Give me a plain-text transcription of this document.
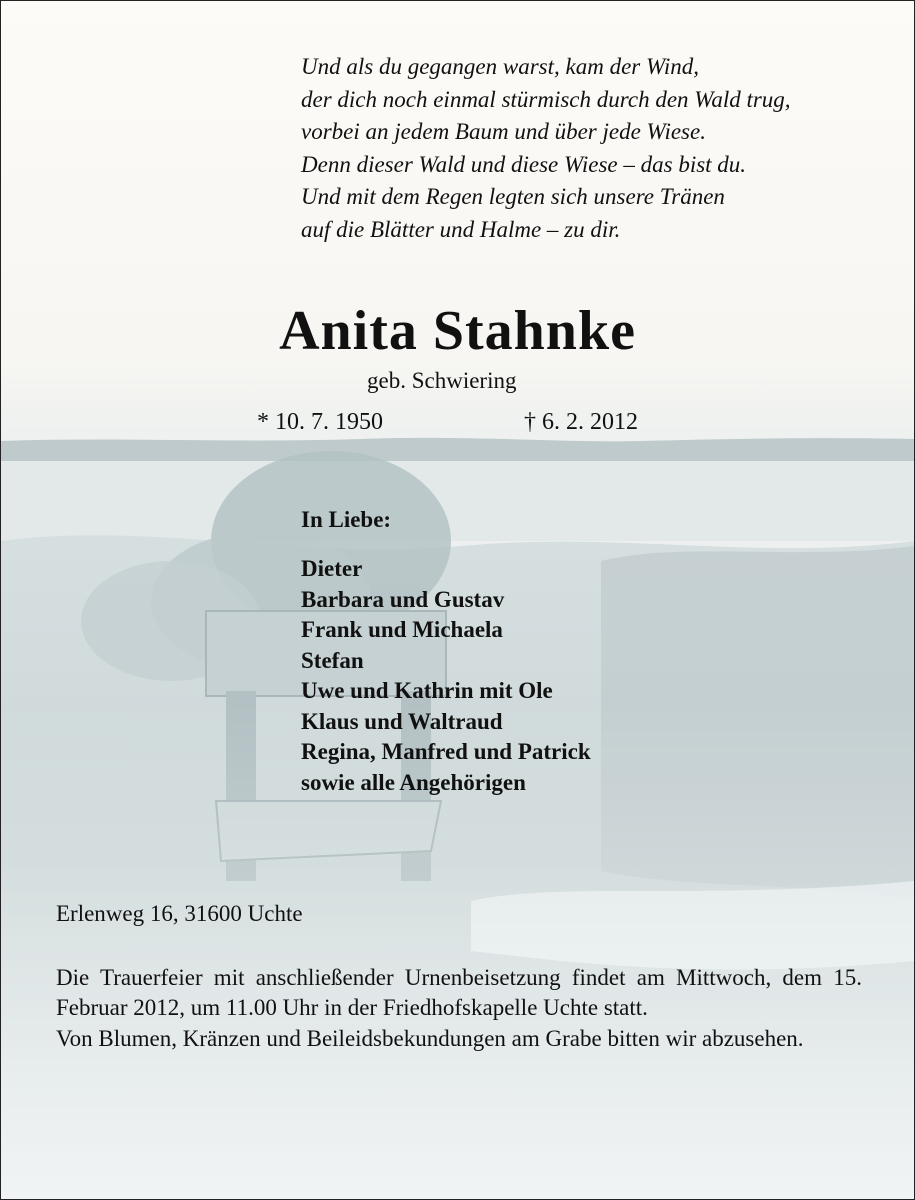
Und als du gegangen warst, kam der Wind,
der dich noch einmal stürmisch durch den Wald trug,
vorbei an jedem Baum und über jede Wiese.
Denn dieser Wald und diese Wiese – das bist du.
Und mit dem Regen legten sich unsere Tränen
auf die Blätter und Halme – zu dir.

Anita Stahnke
geb. Schwiering
* 10. 7. 1950	† 6. 2. 2012
In Liebe:

Dieter
Barbara und Gustav
Frank und Michaela
Stefan
Uwe und Kathrin mit Ole
Klaus und Waltraud
Regina, Manfred und Patrick
sowie alle Angehörigen

Erlenweg 16, 31600 Uchte

Die Trauerfeier mit anschließender Urnenbeisetzung findet am Mittwoch, dem 15. Februar 2012, um 11.00 Uhr in der Friedhofskapelle Uchte statt.

Von Blumen, Kränzen und Beileidsbekundungen am Grabe bitten wir abzusehen.
